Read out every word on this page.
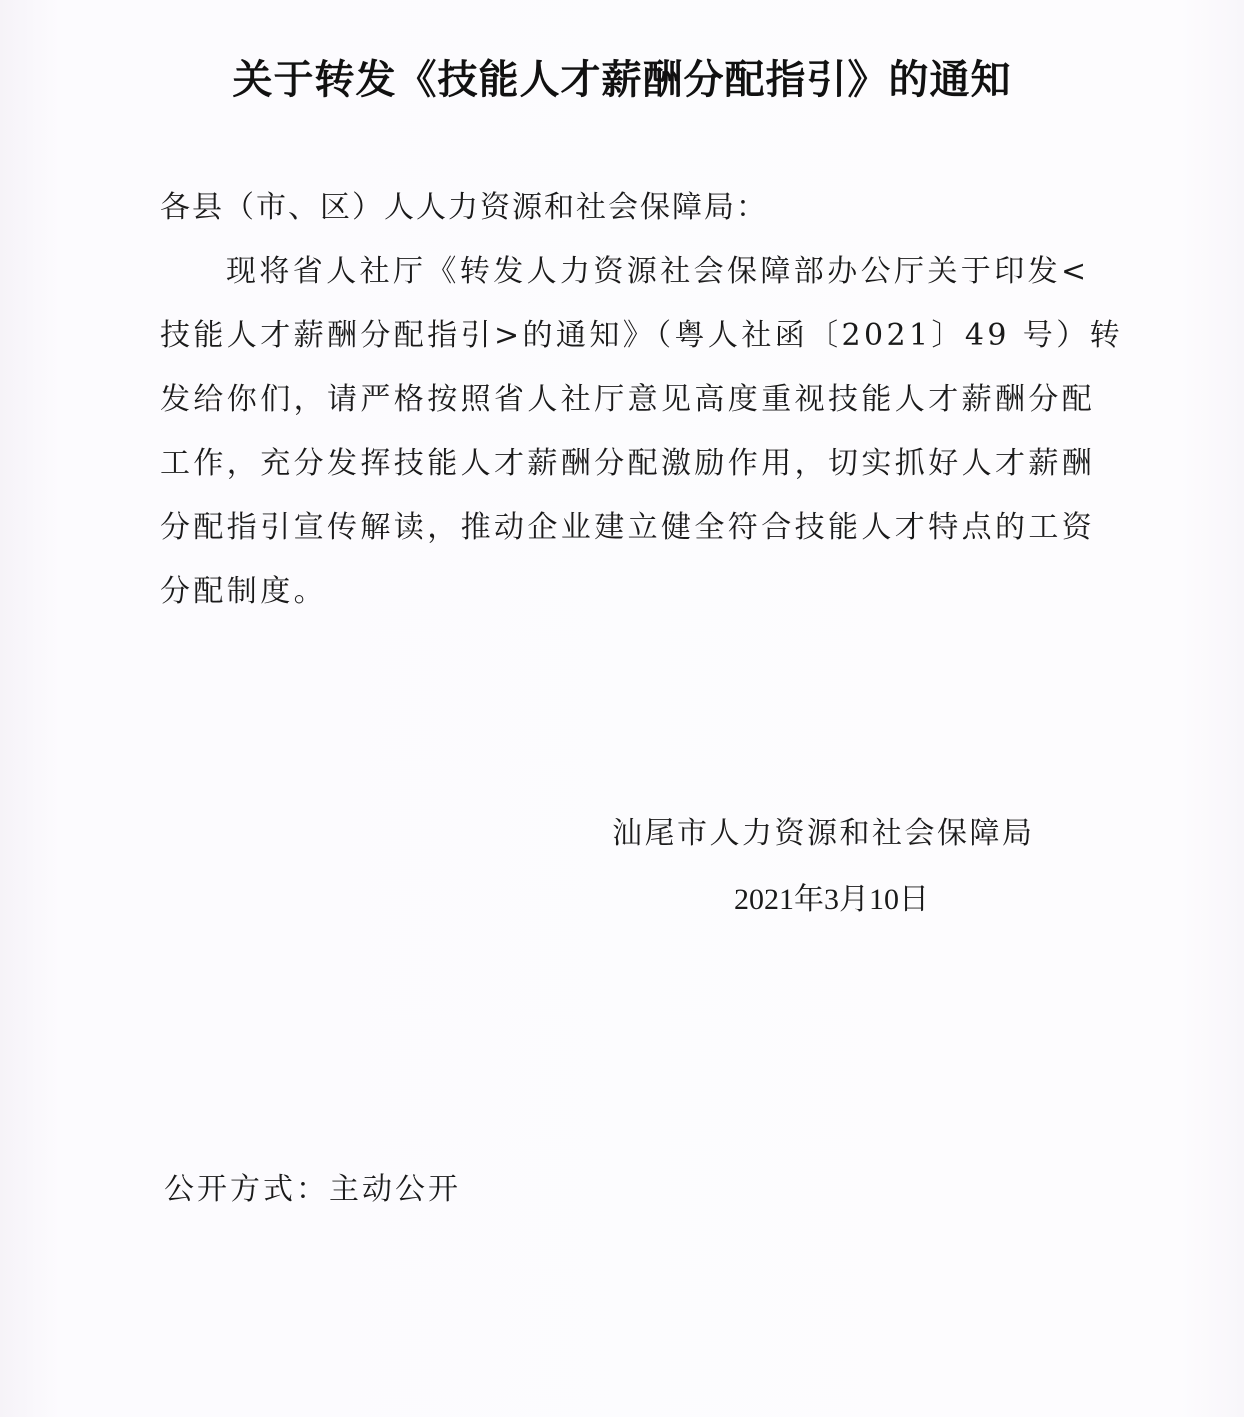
关于转发《技能人才薪酬分配指引》的通知
各县（市、区）人人力资源和社会保障局：
现将省人社厅《转发人力资源社会保障部办公厅关于印发<
技能人才薪酬分配指引>的通知》（粤人社函〔2021〕49 号）转
发给你们，请严格按照省人社厅意见高度重视技能人才薪酬分配
工作，充分发挥技能人才薪酬分配激励作用，切实抓好人才薪酬
分配指引宣传解读，推动企业建立健全符合技能人才特点的工资
分配制度。
汕尾市人力资源和社会保障局
2021年3月10日
公开方式：主动公开
